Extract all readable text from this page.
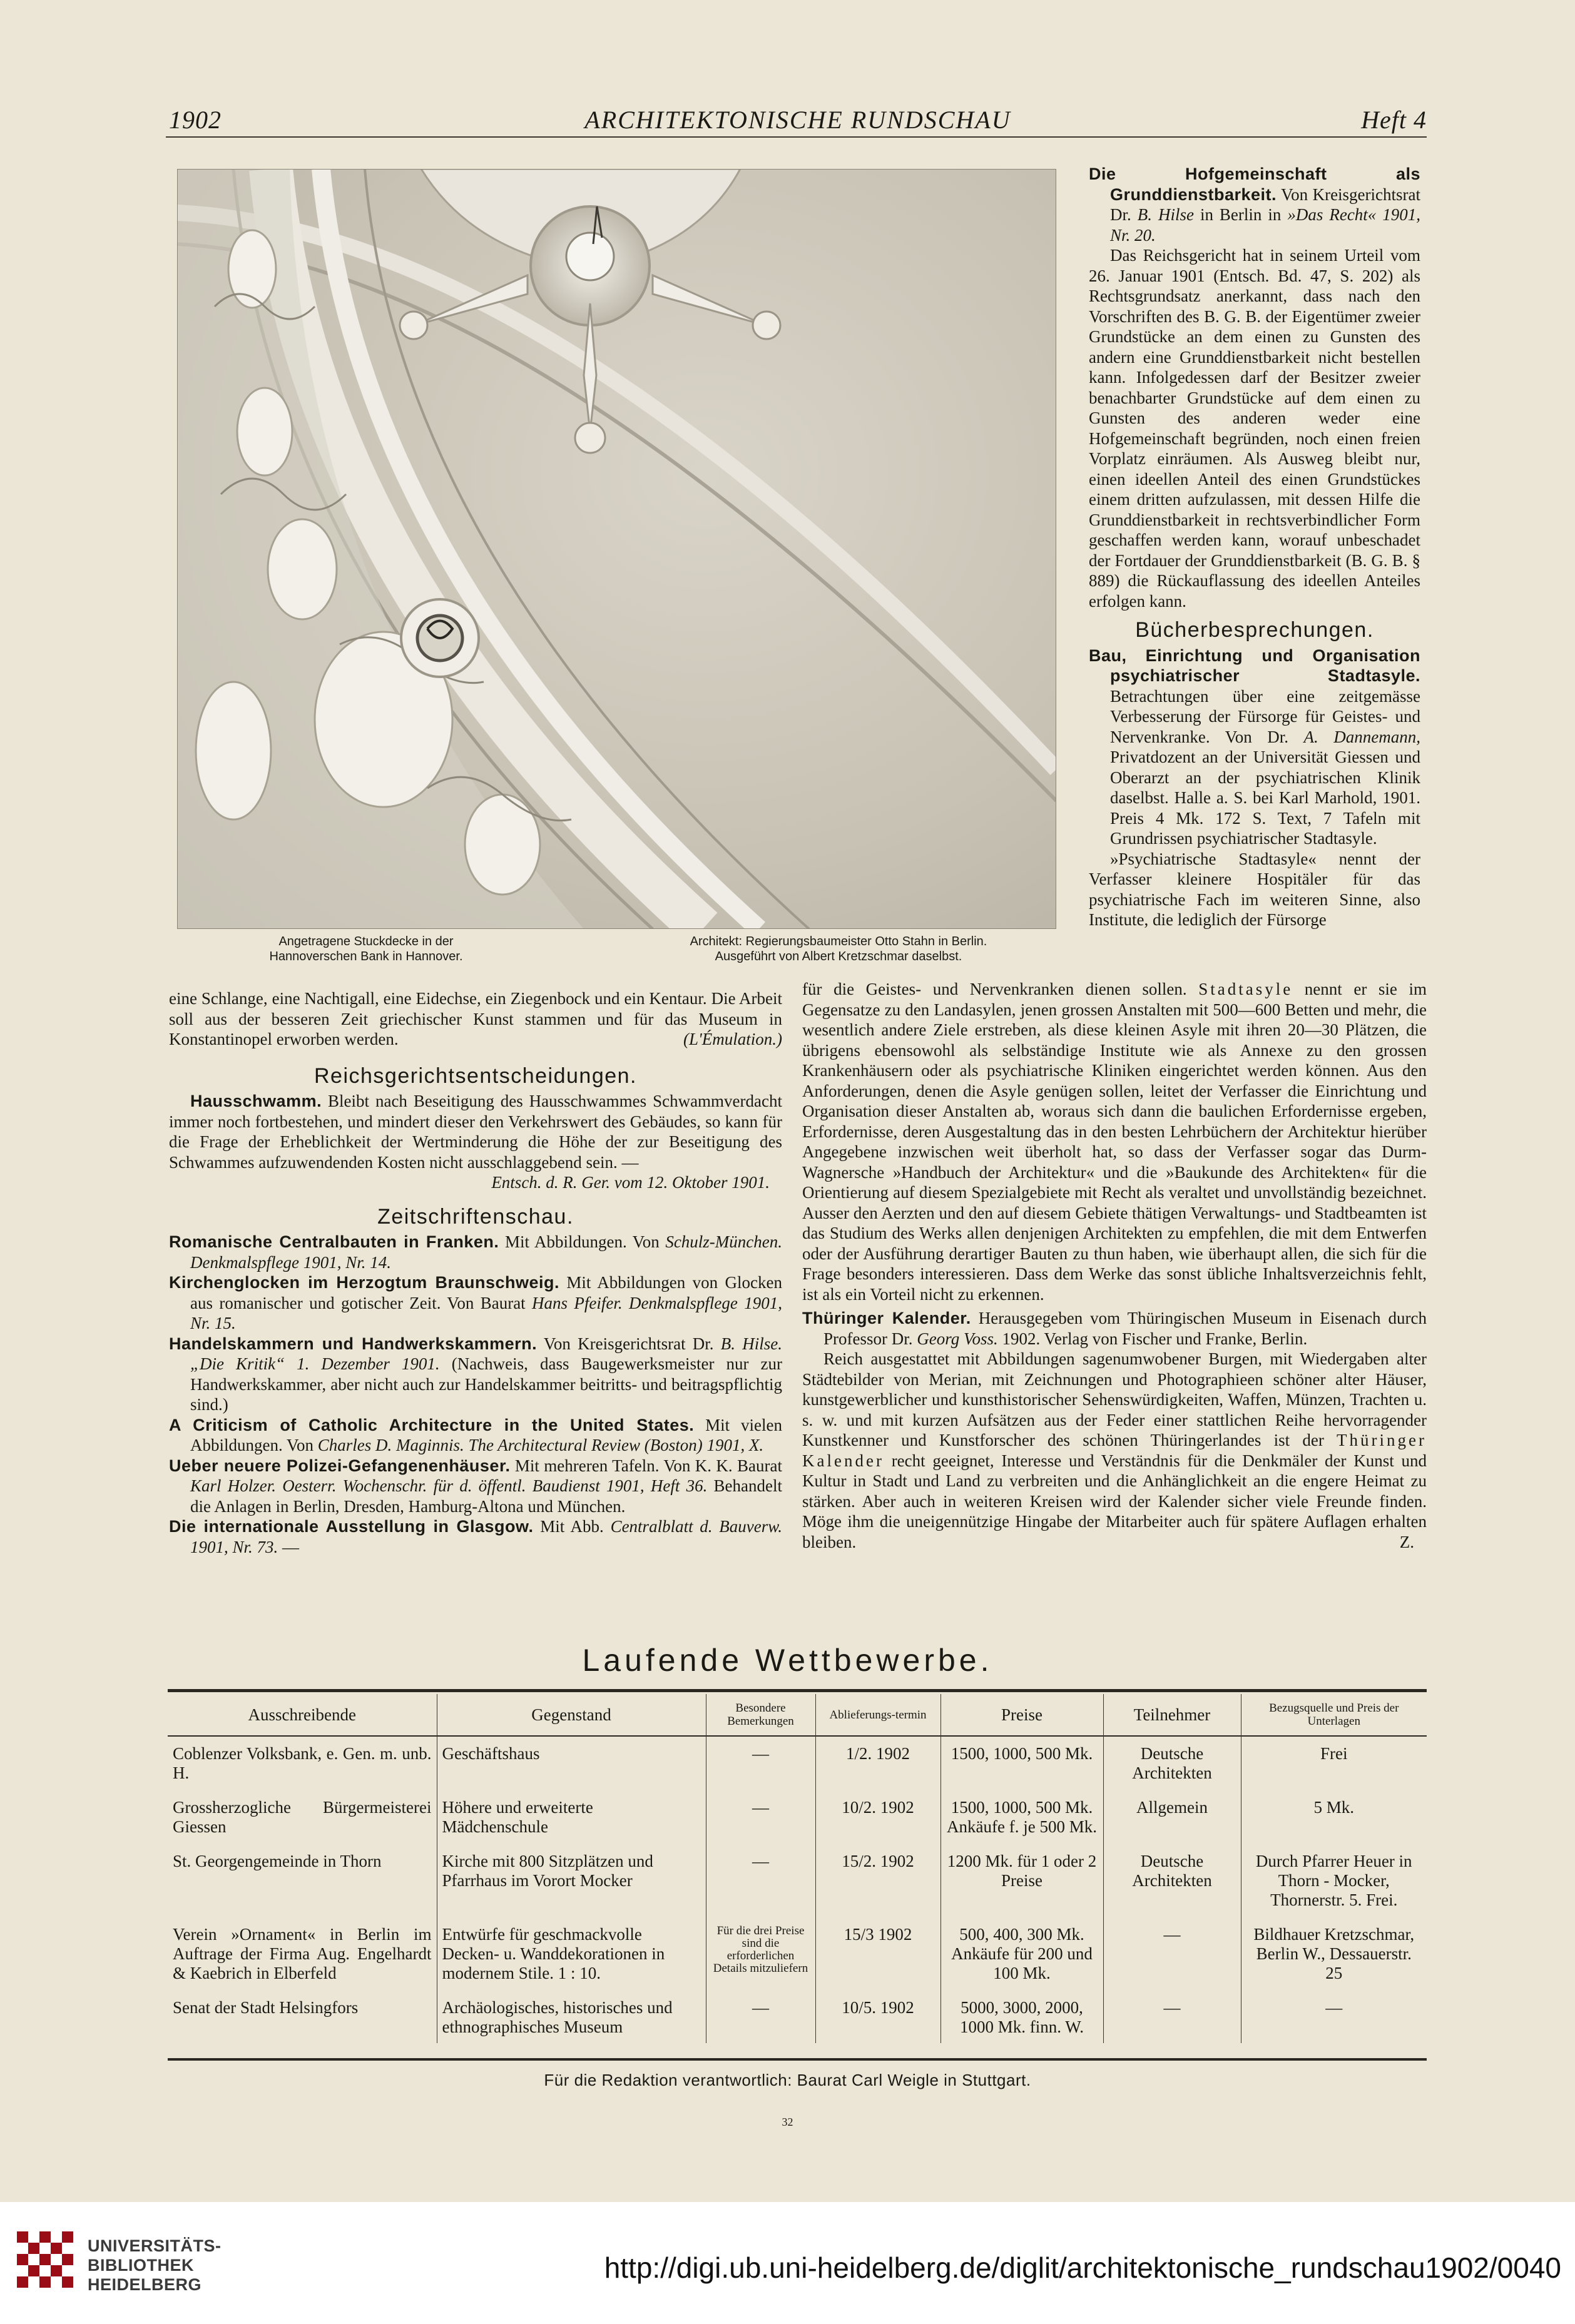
1902	ARCHITEKTONISCHE RUNDSCHAU	Heft 4
Angetragene Stuckdecke in der
Hannoverschen Bank in Hannover.
Architekt: Regierungsbaumeister Otto Stahn in Berlin.
Ausgeführt von Albert Kretzschmar daselbst.

Die Hofgemeinschaft als Grunddienstbarkeit. Von Kreisgerichtsrat Dr. B. Hilse in Berlin in »Das Recht« 1901, Nr. 20.

Das Reichsgericht hat in seinem Urteil vom 26. Januar 1901 (Entsch. Bd. 47, S. 202) als Rechtsgrundsatz anerkannt, dass nach den Vorschriften des B. G. B. der Eigentümer zweier Grundstücke an dem einen zu Gunsten des andern eine Grunddienstbarkeit nicht bestellen kann. Infolgedessen darf der Besitzer zweier benachbarter Grundstücke auf dem einen zu Gunsten des anderen weder eine Hofgemeinschaft begründen, noch einen freien Vorplatz einräumen. Als Ausweg bleibt nur, einen ideellen Anteil des einen Grundstückes einem dritten aufzulassen, mit dessen Hilfe die Grunddienstbarkeit in rechtsverbindlicher Form geschaffen werden kann, worauf unbeschadet der Fortdauer der Grunddienstbarkeit (B. G. B. § 889) die Rückauflassung des ideellen Anteiles erfolgen kann.

Bücherbesprechungen.

Bau, Einrichtung und Organisation psychiatrischer Stadtasyle. Betrachtungen über eine zeitgemässe Verbesserung der Fürsorge für Geistes- und Nervenkranke. Von Dr. A. Dannemann, Privatdozent an der Universität Giessen und Oberarzt an der psychiatrischen Klinik daselbst. Halle a. S. bei Karl Marhold, 1901. Preis 4 Mk. 172 S. Text, 7 Tafeln mit Grundrissen psychiatrischer Stadtasyle.

»Psychiatrische Stadtasyle« nennt der Verfasser kleinere Hospitäler für das psychiatrische Fach im weiteren Sinne, also Institute, die lediglich der Fürsorge

eine Schlange, eine Nachtigall, eine Eidechse, ein Ziegenbock und ein Kentaur. Die Arbeit soll aus der besseren Zeit griechischer Kunst stammen und für das Museum in Konstantinopel erworben werden.	(L'Émulation.)

Reichsgerichtsentscheidungen.

Hausschwamm. Bleibt nach Beseitigung des Hausschwammes Schwammverdacht immer noch fortbestehen, und mindert dieser den Verkehrswert des Gebäudes, so kann für die Frage der Erheblichkeit der Wertminderung die Höhe der zur Beseitigung des Schwammes aufzuwendenden Kosten nicht ausschlaggebend sein. —

Entsch. d. R. Ger. vom 12. Oktober 1901.

Zeitschriftenschau.

Romanische Centralbauten in Franken. Mit Abbildungen. Von Schulz-München. Denkmalspflege 1901, Nr. 14.

Kirchenglocken im Herzogtum Braunschweig. Mit Abbildungen von Glocken aus romanischer und gotischer Zeit. Von Baurat Hans Pfeifer. Denkmalspflege 1901, Nr. 15.

Handelskammern und Handwerkskammern. Von Kreisgerichtsrat Dr. B. Hilse. „Die Kritik“ 1. Dezember 1901. (Nachweis, dass Baugewerksmeister nur zur Handwerkskammer, aber nicht auch zur Handelskammer beitritts- und beitragspflichtig sind.)

A Criticism of Catholic Architecture in the United States. Mit vielen Abbildungen. Von Charles D. Maginnis. The Architectural Review (Boston) 1901, X.

Ueber neuere Polizei-Gefangenenhäuser. Mit mehreren Tafeln. Von K. K. Baurat Karl Holzer. Oesterr. Wochenschr. für d. öffentl. Baudienst 1901, Heft 36. Behandelt die Anlagen in Berlin, Dresden, Hamburg-Altona und München.

Die internationale Ausstellung in Glasgow. Mit Abb. Centralblatt d. Bauverw. 1901, Nr. 73. —

für die Geistes- und Nervenkranken dienen sollen. Stadtasyle nennt er sie im Gegensatze zu den Landasylen, jenen grossen Anstalten mit 500—600 Betten und mehr, die wesentlich andere Ziele erstreben, als diese kleinen Asyle mit ihren 20—30 Plätzen, die übrigens ebensowohl als selbständige Institute wie als Annexe zu den grossen Krankenhäusern oder als psychiatrische Kliniken eingerichtet werden können. Aus den Anforderungen, denen die Asyle genügen sollen, leitet der Verfasser die Einrichtung und Organisation dieser Anstalten ab, woraus sich dann die baulichen Erfordernisse ergeben, Erfordernisse, deren Ausgestaltung das in den besten Lehrbüchern der Architektur hierüber Angegebene inzwischen weit überholt hat, so dass der Verfasser sogar das Durm-Wagnersche »Handbuch der Architektur« und die »Baukunde des Architekten« für die Orientierung auf diesem Spezialgebiete mit Recht als veraltet und unvollständig bezeichnet. Ausser den Aerzten und den auf diesem Gebiete thätigen Verwaltungs- und Stadtbeamten ist das Studium des Werks allen denjenigen Architekten zu empfehlen, die mit dem Entwerfen oder der Ausführung derartiger Bauten zu thun haben, wie überhaupt allen, die sich für die Frage besonders interessieren. Dass dem Werke das sonst übliche Inhaltsverzeichnis fehlt, ist als ein Vorteil nicht zu erkennen.

Thüringer Kalender. Herausgegeben vom Thüringischen Museum in Eisenach durch Professor Dr. Georg Voss. 1902. Verlag von Fischer und Franke, Berlin.

Reich ausgestattet mit Abbildungen sagenumwobener Burgen, mit Wiedergaben alter Städtebilder von Merian, mit Zeichnungen und Photographieen schöner alter Häuser, kunstgewerblicher und kunsthistorischer Sehenswürdigkeiten, Waffen, Münzen, Trachten u. s. w. und mit kurzen Aufsätzen aus der Feder einer stattlichen Reihe hervorragender Kunstkenner und Kunstforscher des schönen Thüringerlandes ist der Thüringer Kalender recht geeignet, Interesse und Verständnis für die Denkmäler der Kunst und Kultur in Stadt und Land zu verbreiten und die Anhänglichkeit an die engere Heimat zu stärken. Aber auch in weiteren Kreisen wird der Kalender sicher viele Freunde finden. Möge ihm die uneigennützige Hingabe der Mitarbeiter auch für spätere Auflagen erhalten bleiben.	Z.

Laufende Wettbewerbe.
Ausschreibende	Gegenstand	Besondere Bemerkungen	Ablieferungs-termin	Preise	Teilnehmer	Bezugsquelle und Preis der Unterlagen
Coblenzer Volksbank, e. Gen. m. unb. H.	Geschäftshaus	—	1/2. 1902	1500, 1000, 500 Mk.	Deutsche Architekten	Frei
Grossherzogliche Bürgermeisterei Giessen	Höhere und erweiterte Mädchenschule	—	10/2. 1902	1500, 1000, 500 Mk. Ankäufe f. je 500 Mk.	Allgemein	5 Mk.
St. Georgengemeinde in Thorn	Kirche mit 800 Sitzplätzen und Pfarrhaus im Vorort Mocker	—	15/2. 1902	1200 Mk. für 1 oder 2 Preise	Deutsche Architekten	Durch Pfarrer Heuer in Thorn - Mocker, Thornerstr. 5. Frei.
Verein »Ornament« in Berlin im Auftrage der Firma Aug. Engelhardt & Kaebrich in Elberfeld	Entwürfe für geschmackvolle Decken- u. Wanddekorationen in modernem Stile. 1 : 10.	Für die drei Preise sind die erforderlichen Details mitzuliefern	15/3 1902	500, 400, 300 Mk. Ankäufe für 200 und 100 Mk.	—	Bildhauer Kretzschmar, Berlin W., Dessauerstr. 25
Senat der Stadt Helsingfors	Archäologisches, historisches und ethnographisches Museum	—	10/5. 1902	5000, 3000, 2000, 1000 Mk. finn. W.	—	—
Für die Redaktion verantwortlich: Baurat Carl Weigle in Stuttgart.
32
UNIVERSITÄTS-
BIBLIOTHEK
HEIDELBERG
http://digi.ub.uni-heidelberg.de/diglit/architektonische_rundschau1902/0040
